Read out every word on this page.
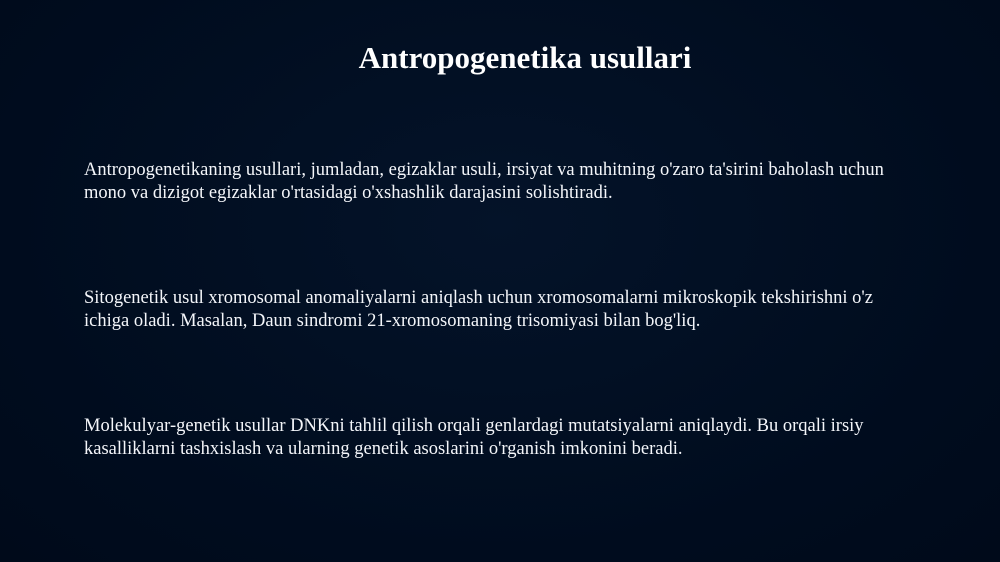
Antropogenetika usullari
Antropogenetikaning usullari, jumladan, egizaklar usuli, irsiyat va muhitning o'zaro ta'sirini baholash uchun
mono va dizigot egizaklar o'rtasidagi o'xshashlik darajasini solishtiradi.
Sitogenetik usul xromosomal anomaliyalarni aniqlash uchun xromosomalarni mikroskopik tekshirishni o'z
ichiga oladi. Masalan, Daun sindromi 21-xromosomaning trisomiyasi bilan bog'liq.
Molekulyar-genetik usullar DNKni tahlil qilish orqali genlardagi mutatsiyalarni aniqlaydi. Bu orqali irsiy
kasalliklarni tashxislash va ularning genetik asoslarini o'rganish imkonini beradi.
